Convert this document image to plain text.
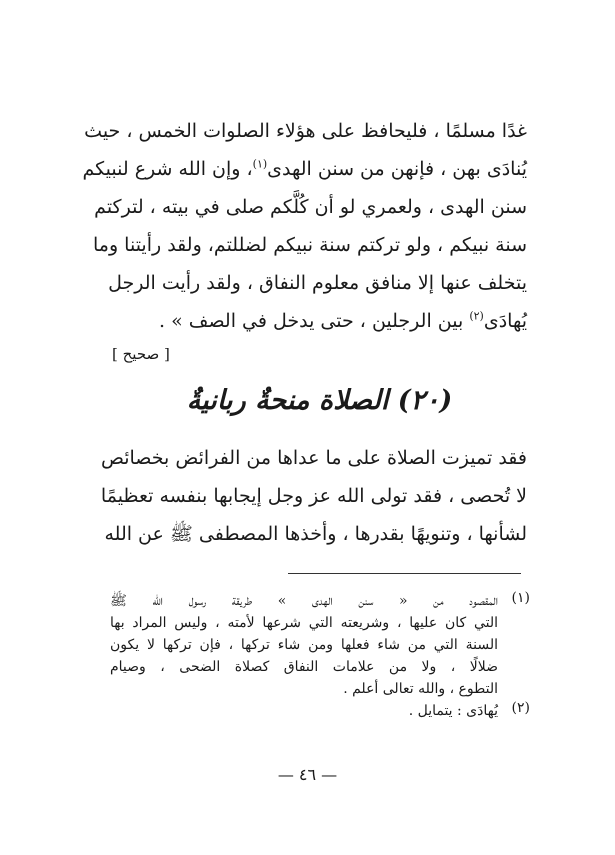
غدًا مسلمًا ، فليحافظ على هؤلاء الصلوات الخمس ، حيث
يُنادَى بهن ، فإنهن من سنن الهدى$^{(١)}$، وإن الله شرع لنبيكم
سنن الهدى ، ولعمري لو أن كُلَّكم صلى في بيته ، لتركتم
سنة نبيكم ، ولو تركتم سنة نبيكم لضللتم، ولقد رأيتنا وما
يتخلف عنها إلا منافق معلوم النفاق ، ولقد رأيت الرجل
يُهادَى$^{(٢)}$ بين الرجلين ، حتى يدخل في الصف » .
[ صحيح ]
(٢٠) الصلاة منحةٌ ربانيةٌ
فقد تميزت الصلاة على ما عداها من الفرائض بخصائص
لا تُحصى ، فقد تولى الله عز وجل إيجابها بنفسه تعظيمًا
لشأنها ، وتنويهًا بقدرها ، وأخذها المصطفى ﷺ عن الله
(١)
المقصود من « سنن الهدى » طريقة رسول الله ﷺ
التي كان عليها ، وشريعته التي شرعها لأمته ، وليس المراد بها
السنة التي من شاء فعلها ومن شاء تركها ، فإن تركها لا يكون
ضلالًا ، ولا من علامات النفاق كصلاة الضحى ، وصيام
التطوع ، والله تعالى أعلم .
(٢)
يُهادَى : يتمايل .
— ٤٦ —
